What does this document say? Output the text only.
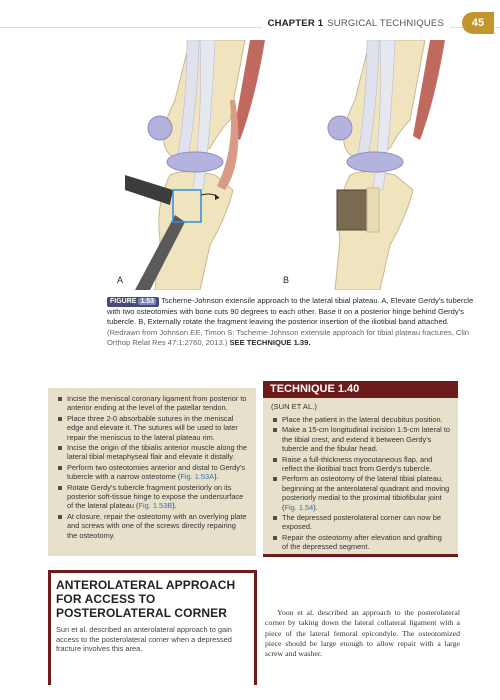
CHAPTER 1 SURGICAL TECHNIQUES	45
A	B
FIGURE 1.53 Tscherne-Johnson extensile approach to the lateral tibial plateau. A, Elevate Gerdy's tubercle with two osteotomies with bone cuts 90 degrees to each other. Base it on a posterior hinge behind Gerdy's tubercle. B, Externally rotate the fragment leaving the posterior insertion of the iliotibial band attached. (Redrawn from Johnson EE, Timon S: Tscherne-Johnson extensile approach for tibial plateau fractures, Clin Orthop Relat Res 47:1:2760, 2013.) SEE TECHNIQUE 1.39.
Incise the meniscal coronary ligament from posterior to anterior ending at the level of the patellar tendon.
Place three 2-0 absorbable sutures in the meniscal edge and elevate it. The sutures will be used to later repair the meniscus to the lateral plateau rim.
Incise the origin of the tibialis anterior muscle along the lateral tibial metaphyseal flair and elevate it distally.
Perform two osteotomies anterior and distal to Gerdy's tubercle with a narrow osteotome (Fig. 1.53A).
Rotate Gerdy's tubercle fragment posteriorly on its posterior soft-tissue hinge to expose the undersurface of the lateral plateau (Fig. 1.53B).
At closure, repair the osteotomy with an overlying plate and screws with one of the screws directly repairing the osteotomy.
TECHNIQUE 1.40
(SUN ET AL.)
Place the patient in the lateral decubitus position.
Make a 15-cm longitudinal incision 1.5-cm lateral to the tibial crest, and extend it between Gerdy's tubercle and the fibular head.
Raise a full-thickness myocutaneous flap, and reflect the iliotibial tract from Gerdy's tubercle.
Perform an osteotomy of the lateral tibial plateau, beginning at the anterolateral quadrant and moving posteriorly medial to the proximal tibiofibular joint (Fig. 1.54).
The depressed posterolateral corner can now be exposed.
Repair the osteotomy after elevation and grafting of the depressed segment.
ANTEROLATERAL APPROACH FOR ACCESS TO POSTEROLATERAL CORNER

Sun et al. described an anterolateral approach to gain access to the posterolateral corner when a depressed fracture involves this area.

Yoon et al. described an approach to the posterolateral corner by taking down the lateral collateral ligament with a piece of the lateral femoral epicondyle. The osteotomized piece should be large enough to allow repair with a large screw and washer.
